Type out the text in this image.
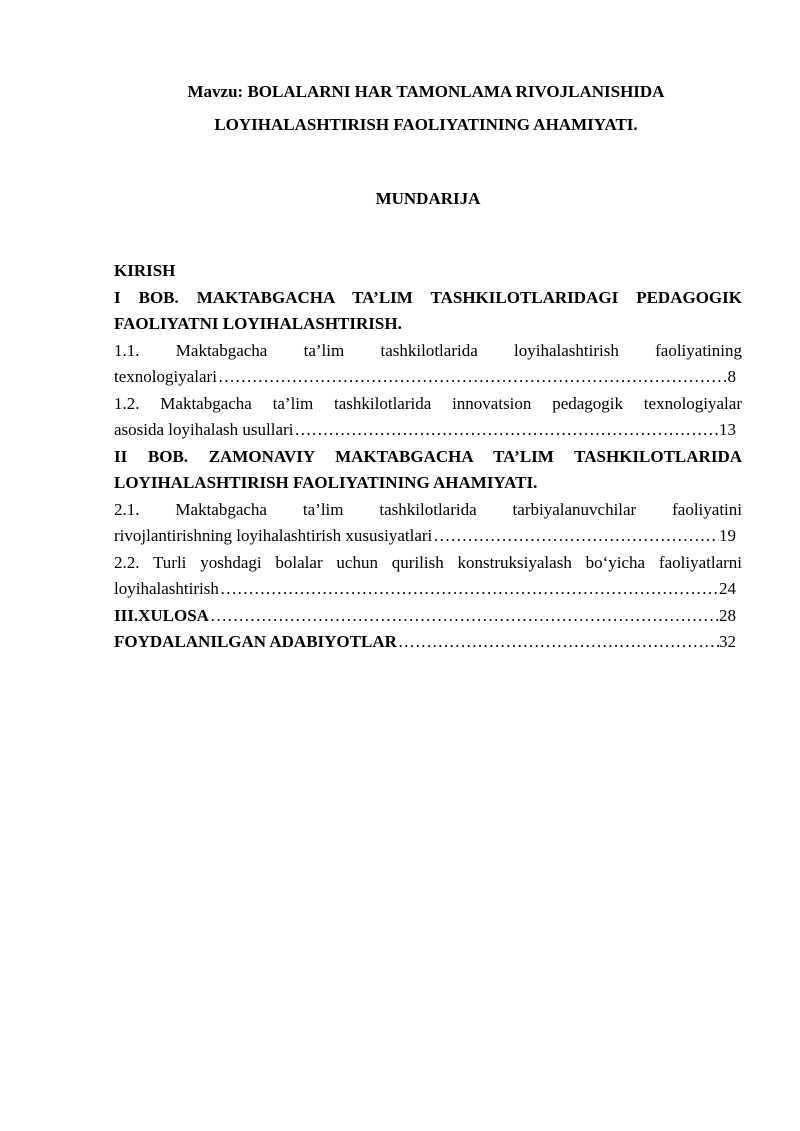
Mavzu: BOLALARNI HAR TAMONLAMA RIVOJLANISHIDA
LOYIHALASHTIRISH FAOLIYATINING AHAMIYATI.
MUNDARIJA
KIRISH
I BOB. MAKTABGACHA TA’LIM TASHKILOTLARIDAGI PEDAGOGIK
FAOLIYATNI LOYIHALASHTIRISH.
1.1. Maktabgacha ta’lim tashkilotlarida loyihalashtirish faoliyatining
texnologiyalari …………………………………………………………………………………………………………………………………………………………………………	8
1.2. Maktabgacha ta’lim tashkilotlarida innovatsion pedagogik texnologiyalar
asosida loyihalash usullari …………………………………………………………………………………………………………………………………………………………………………	13
II BOB. ZAMONAVIY MAKTABGACHA TA’LIM TASHKILOTLARIDA
LOYIHALASHTIRISH FAOLIYATINING AHAMIYATI.
2.1. Maktabgacha ta’lim tashkilotlarida tarbiyalanuvchilar faoliyatini
rivojlantirishning loyihalashtirish xususiyatlari …………………………………………………………………………………………………………………………………………………………………………	19
2.2. Turli yoshdagi bolalar uchun qurilish konstruksiyalash bo‘yicha faoliyatlarni
loyihalashtirish …………………………………………………………………………………………………………………………………………………………………………	24
III .XULOSA …………………………………………………………………………………………………………………………………………………………………………	28
FOYDALANILGAN ADABIYOTLAR …………………………………………………………………………………………………………………………………………………………………………	32
